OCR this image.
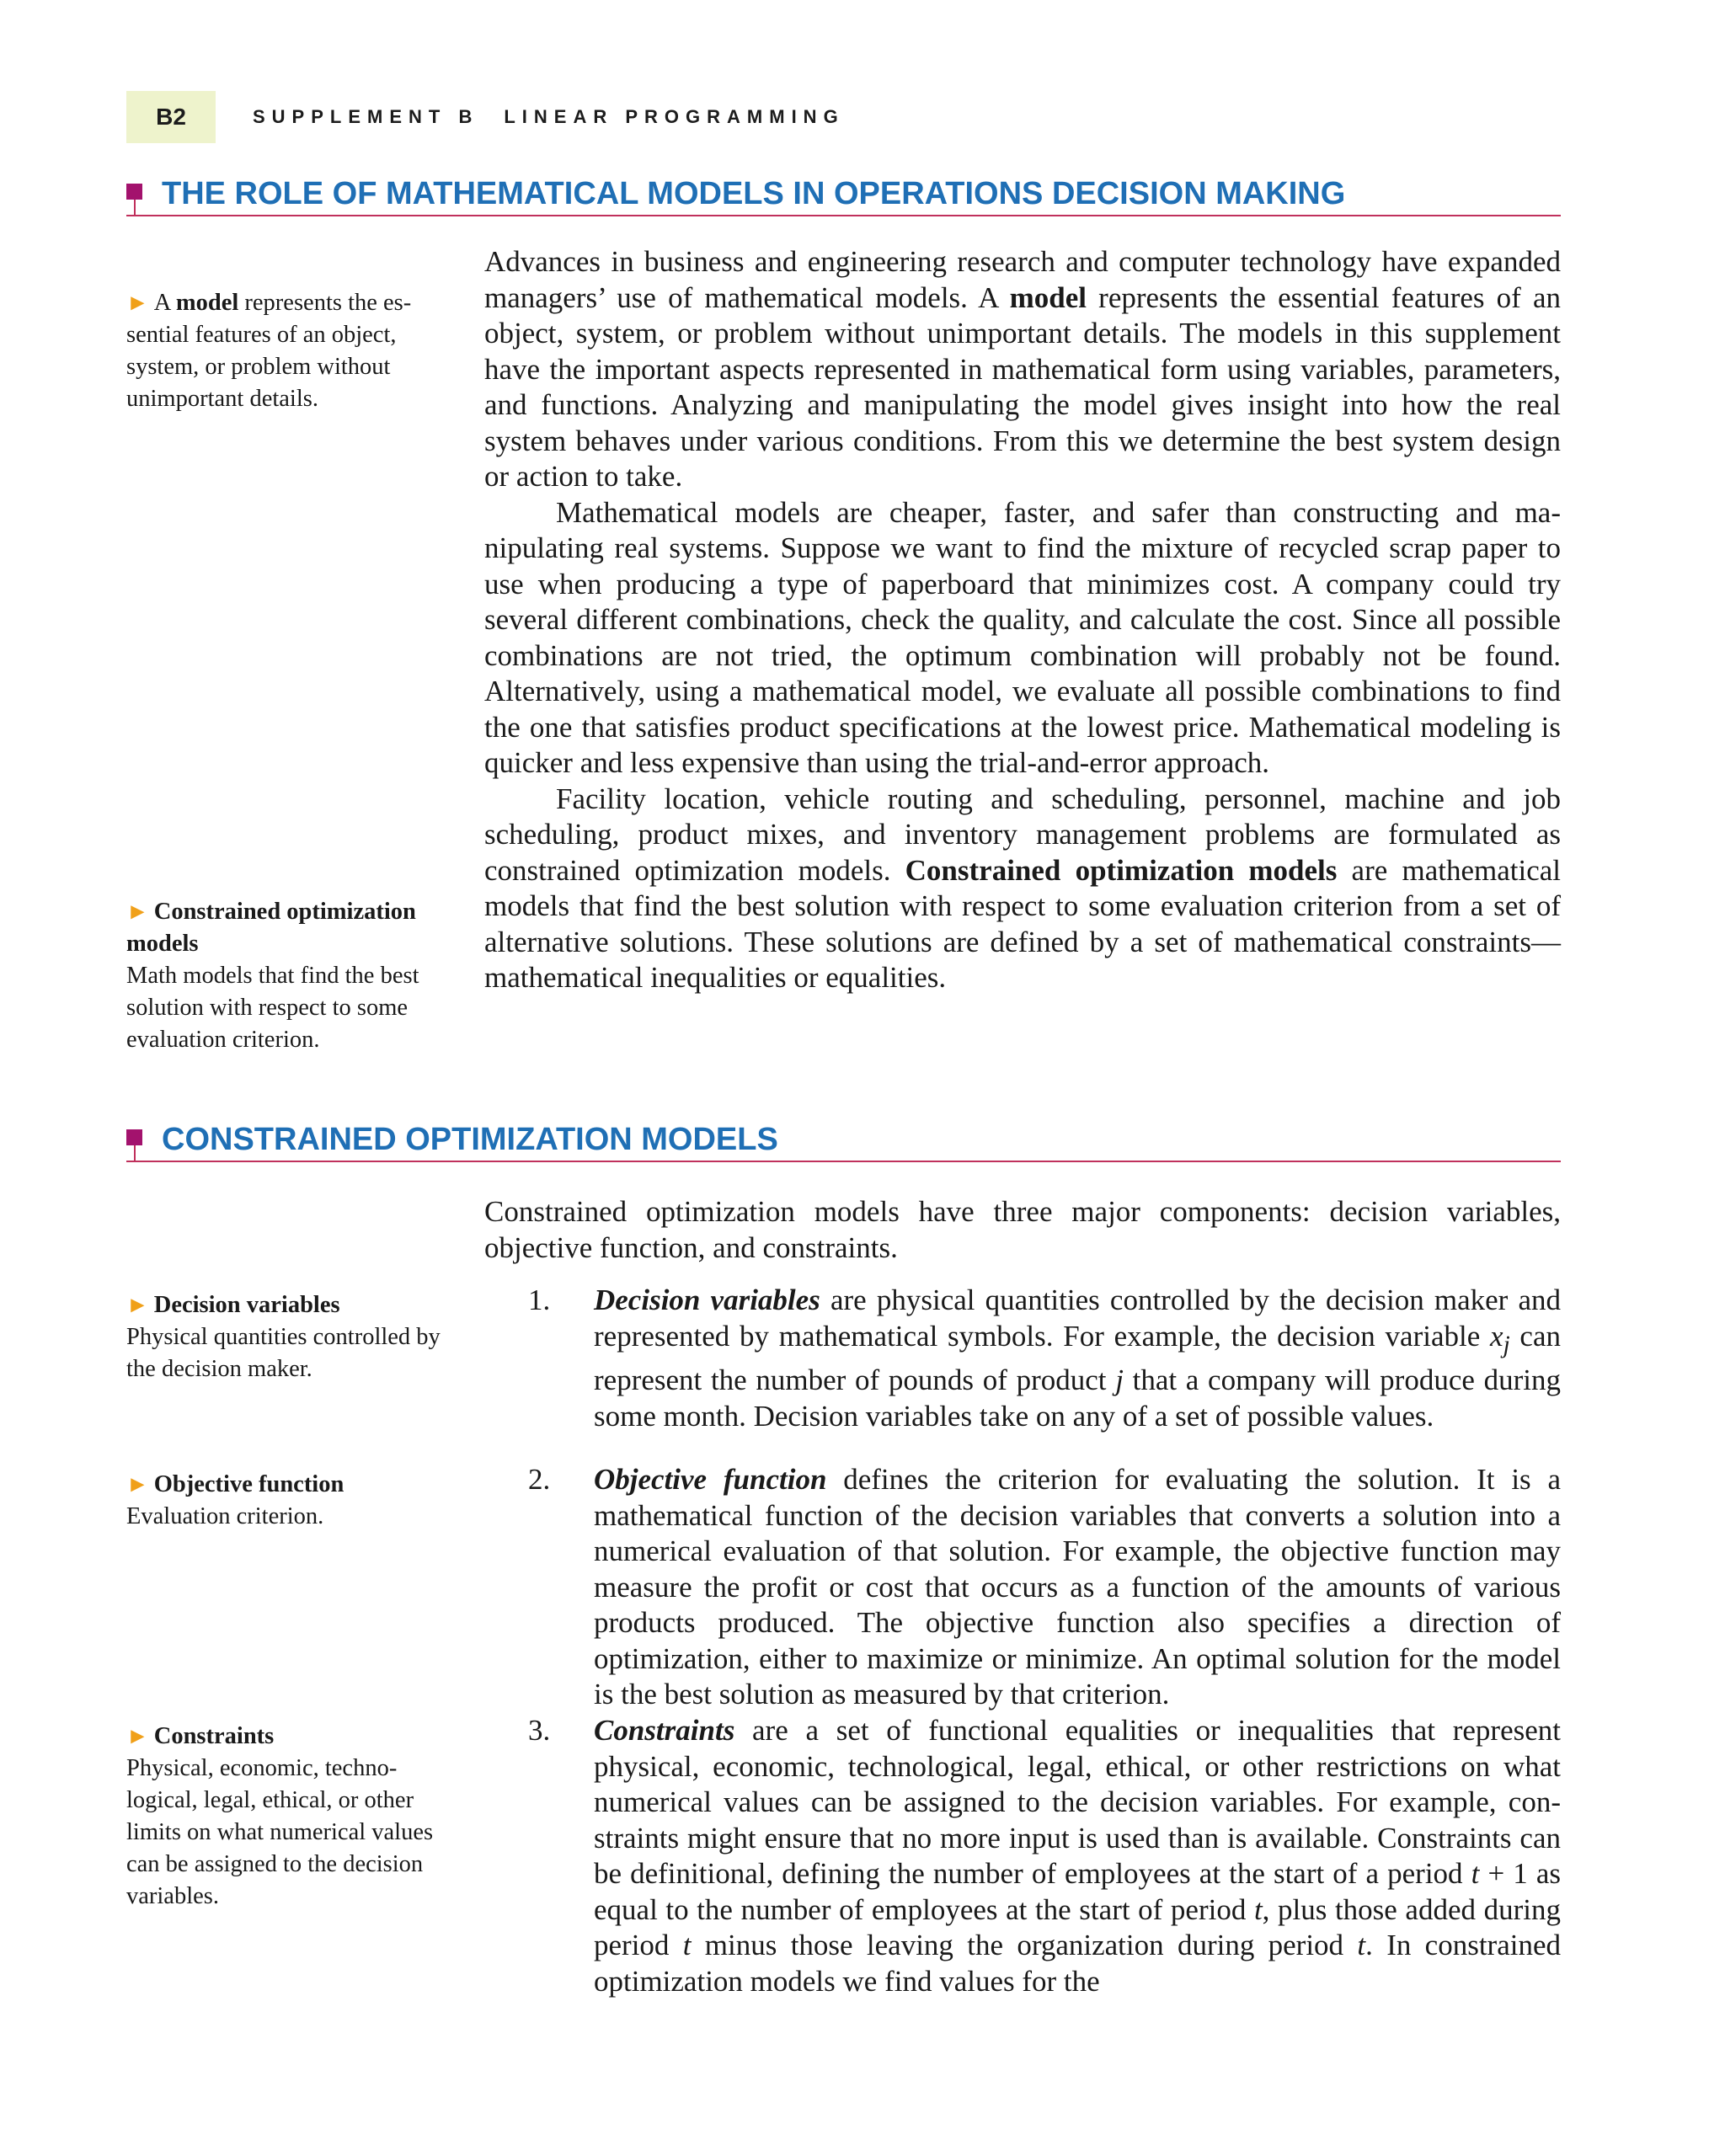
B2	SUPPLEMENT B LINEAR PROGRAMMING
THE ROLE OF MATHEMATICAL MODELS IN OPERATIONS DECISION MAKING
► A model represents the essential features of an object, system, or problem without unimportant details.
► Constrained optimization models
Math models that find the best solution with respect to some evaluation criterion.

Advances in business and engineering research and computer technology have expanded managers’ use of mathematical models. A model represents the essential features of an object, system, or problem without unimportant details. The models in this supplement have the important aspects represented in mathematical form using variables, parameters, and functions. Analyzing and manipulating the model gives insight into how the real system behaves under various conditions. From this we determine the best system design or action to take.

Mathematical models are cheaper, faster, and safer than constructing and manipulating real systems. Suppose we want to find the mixture of recycled scrap paper to use when producing a type of paperboard that minimizes cost. A company could try several different combinations, check the quality, and calculate the cost. Since all possible combinations are not tried, the optimum combination will probably not be found. Alternatively, using a mathematical model, we evaluate all possible combinations to find the one that satisfies product specifications at the lowest price. Mathematical modeling is quicker and less expensive than using the trial-and-error approach.

Facility location, vehicle routing and scheduling, personnel, machine and job scheduling, product mixes, and inventory management problems are formulated as constrained optimization models. Constrained optimization models are mathematical models that find the best solution with respect to some evaluation criterion from a set of alternative solutions. These solutions are defined by a set of mathematical constraints—mathematical inequalities or equalities.

CONSTRAINED OPTIMIZATION MODELS

Constrained optimization models have three major components: decision variables, objective function, and constraints.

► Decision variables
Physical quantities controlled by the decision maker.
► Objective function
Evaluation criterion.
► Constraints
Physical, economic, technological, legal, ethical, or other limits on what numerical values can be assigned to the decision variables.
1.	Decision variables are physical quantities controlled by the decision maker and represented by mathematical symbols. For example, the decision variable $x_j$ can represent the number of pounds of product j that a company will produce during some month. Decision variables take on any of a set of possible values.
2.	Objective function defines the criterion for evaluating the solution. It is a mathematical function of the decision variables that converts a solution into a numerical evaluation of that solution. For example, the objective function may measure the profit or cost that occurs as a function of the amounts of various products produced. The objective function also specifies a direction of optimization, either to maximize or minimize. An optimal solution for the model is the best solution as measured by that criterion.
3.	Constraints are a set of functional equalities or inequalities that represent physical, economic, technological, legal, ethical, or other restrictions on what numerical values can be assigned to the decision variables. For example, constraints might ensure that no more input is used than is available. Constraints can be definitional, defining the number of employees at the start of a period t + 1 as equal to the number of employees at the start of period t, plus those added during period t minus those leaving the organization during period t. In constrained optimization models we find values for the
